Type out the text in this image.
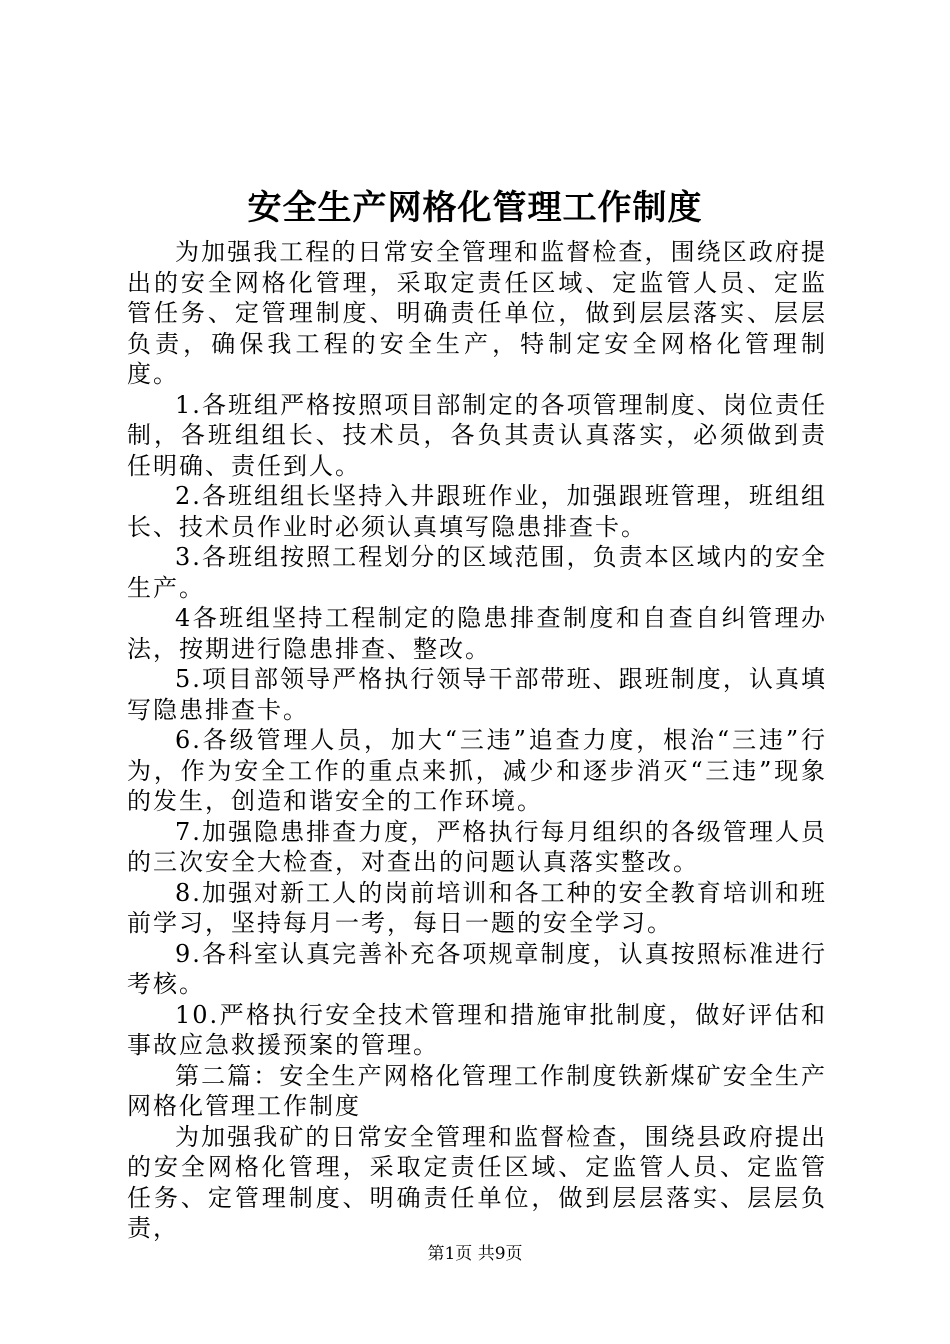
安全生产网格化管理工作制度

为加强我工程的日常安全管理和监督检查，围绕区政府提出的安全网格化管理，采取定责任区域、定监管人员、定监管任务、定管理制度、明确责任单位，做到层层落实、层层负责，确保我工程的安全生产，特制定安全网格化管理制度。

1.各班组严格按照项目部制定的各项管理制度、岗位责任制，各班组组长、技术员，各负其责认真落实，必须做到责任明确、责任到人。

2.各班组组长坚持入井跟班作业，加强跟班管理，班组组长、技术员作业时必须认真填写隐患排查卡。

3.各班组按照工程划分的区域范围，负责本区域内的安全生产。

4各班组坚持工程制定的隐患排查制度和自查自纠管理办法，按期进行隐患排查、整改。

5.项目部领导严格执行领导干部带班、跟班制度，认真填写隐患排查卡。

6.各级管理人员，加大“三违”追查力度，根治“三违”行为，作为安全工作的重点来抓，减少和逐步消灭“三违”现象的发生，创造和谐安全的工作环境。

7.加强隐患排查力度，严格执行每月组织的各级管理人员的三次安全大检查，对查出的问题认真落实整改。

8.加强对新工人的岗前培训和各工种的安全教育培训和班前学习，坚持每月一考，每日一题的安全学习。

9.各科室认真完善补充各项规章制度，认真按照标准进行考核。

10.严格执行安全技术管理和措施审批制度，做好评估和事故应急救援预案的管理。

第二篇：安全生产网格化管理工作制度铁新煤矿安全生产网格化管理工作制度

为加强我矿的日常安全管理和监督检查，围绕县政府提出的安全网格化管理，采取定责任区域、定监管人员、定监管任务、定管理制度、明确责任单位，做到层层落实、层层负责，

第1页 共9页
